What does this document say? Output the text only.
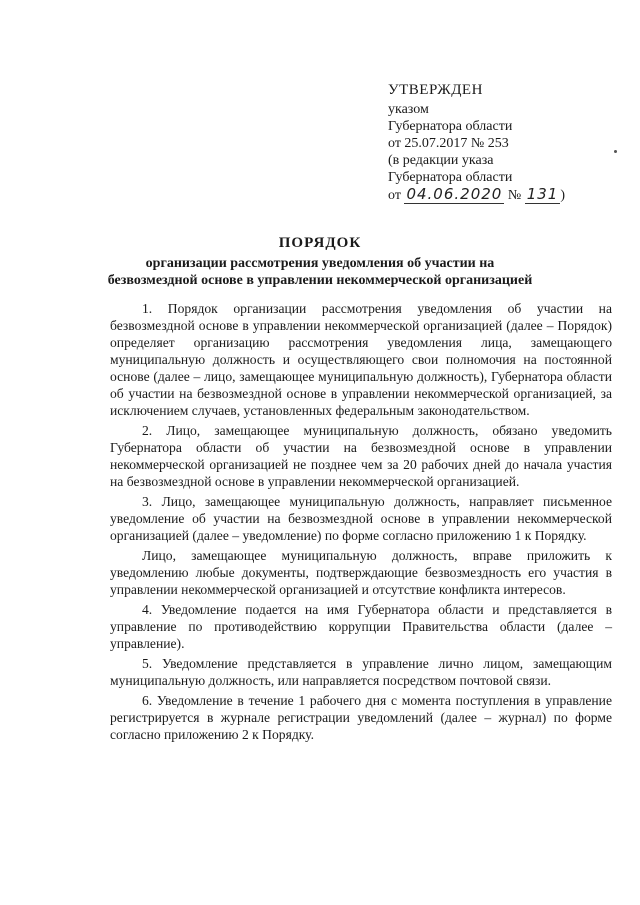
УТВЕРЖДЕН
указом
Губернатора области
от 25.07.2017 № 253
(в редакции указа
Губернатора области
от 04.06.2020 № 131 )
ПОРЯДОК
организации рассмотрения уведомления об участии на безвозмездной основе в управлении некоммерческой организацией

1. Порядок организации рассмотрения уведомления об участии на безвозмездной основе в управлении некоммерческой организацией (далее – Порядок) определяет организацию рассмотрения уведомления лица, замещающего муниципальную должность и осуществляющего свои полномочия на постоянной основе (далее – лицо, замещающее муниципальную должность), Губернатора области об участии на безвозмездной основе в управлении некоммерческой организацией, за исключением случаев, установленных федеральным законодательством.

2. Лицо, замещающее муниципальную должность, обязано уведомить Губернатора области об участии на безвозмездной основе в управлении некоммерческой организацией не позднее чем за 20 рабочих дней до начала участия на безвозмездной основе в управлении некоммерческой организацией.

3. Лицо, замещающее муниципальную должность, направляет письменное уведомление об участии на безвозмездной основе в управлении некоммерческой организацией (далее – уведомление) по форме согласно приложению 1 к Порядку.

Лицо, замещающее муниципальную должность, вправе приложить к уведомлению любые документы, подтверждающие безвозмездность его участия в управлении некоммерческой организацией и отсутствие конфликта интересов.

4. Уведомление подается на имя Губернатора области и представляется в управление по противодействию коррупции Правительства области (далее – управление).

5. Уведомление представляется в управление лично лицом, замещающим муниципальную должность, или направляется посредством почтовой связи.

6. Уведомление в течение 1 рабочего дня с момента поступления в управление регистрируется в журнале регистрации уведомлений (далее – журнал) по форме согласно приложению 2 к Порядку.
